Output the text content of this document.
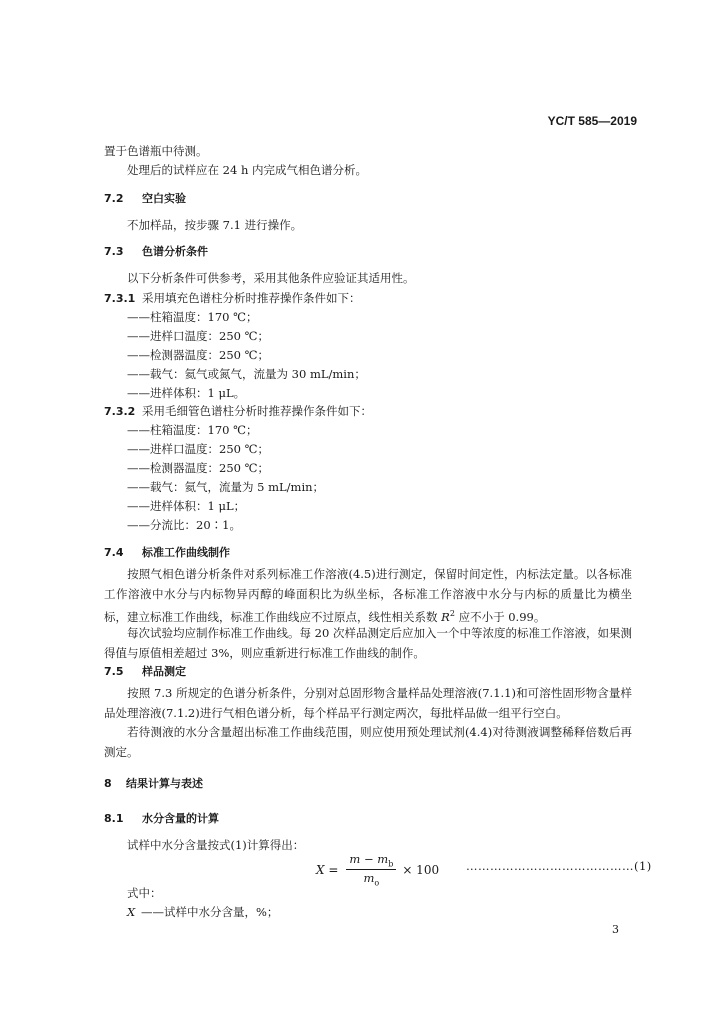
YC/T 585—2019
置于色谱瓶中待测。
处理后的试样应在 24 h 内完成气相色谱分析。
7.2 空白实验
不加样品，按步骤 7.1 进行操作。
7.3 色谱分析条件
以下分析条件可供参考，采用其他条件应验证其适用性。
7.3.1 采用填充色谱柱分析时推荐操作条件如下：
——柱箱温度：170 ℃；
——进样口温度：250 ℃；
——检测器温度：250 ℃；
——载气：氦气或氮气，流量为 30 mL/min；
——进样体积：1 μL。
7.3.2 采用毛细管色谱柱分析时推荐操作条件如下：
——柱箱温度：170 ℃；
——进样口温度：250 ℃；
——检测器温度：250 ℃；
——载气：氦气，流量为 5 mL/min；
——进样体积：1 μL；
——分流比：20∶1。
7.4 标准工作曲线制作

按照气相色谱分析条件对系列标准工作溶液(4.5)进行测定，保留时间定性，内标法定量。以各标准工作溶液中水分与内标物异丙醇的峰面积比为纵坐标，各标准工作溶液中水分与内标的质量比为横坐标，建立标准工作曲线，标准工作曲线应不过原点，线性相关系数 $R^2$ 应不小于 0.99。

每次试验均应制作标准工作曲线。每 20 次样品测定后应加入一个中等浓度的标准工作溶液，如果测得值与原值相差超过 3%，则应重新进行标准工作曲线的制作。

7.5 样品测定

按照 7.3 所规定的色谱分析条件，分别对总固形物含量样品处理溶液(7.1.1)和可溶性固形物含量样品处理溶液(7.1.2)进行气相色谱分析，每个样品平行测定两次，每批样品做一组平行空白。

若待测液的水分含量超出标准工作曲线范围，则应使用预处理试剂(4.4)对待测液调整稀释倍数后再测定。

8 结果计算与表述
8.1 水分含量的计算
试样中水分含量按式(1)计算得出：
$X = \frac{m - m_b}{m_o} \times 100$ ……………………………………(1)
式中：
X ——试样中水分含量，%；
3
